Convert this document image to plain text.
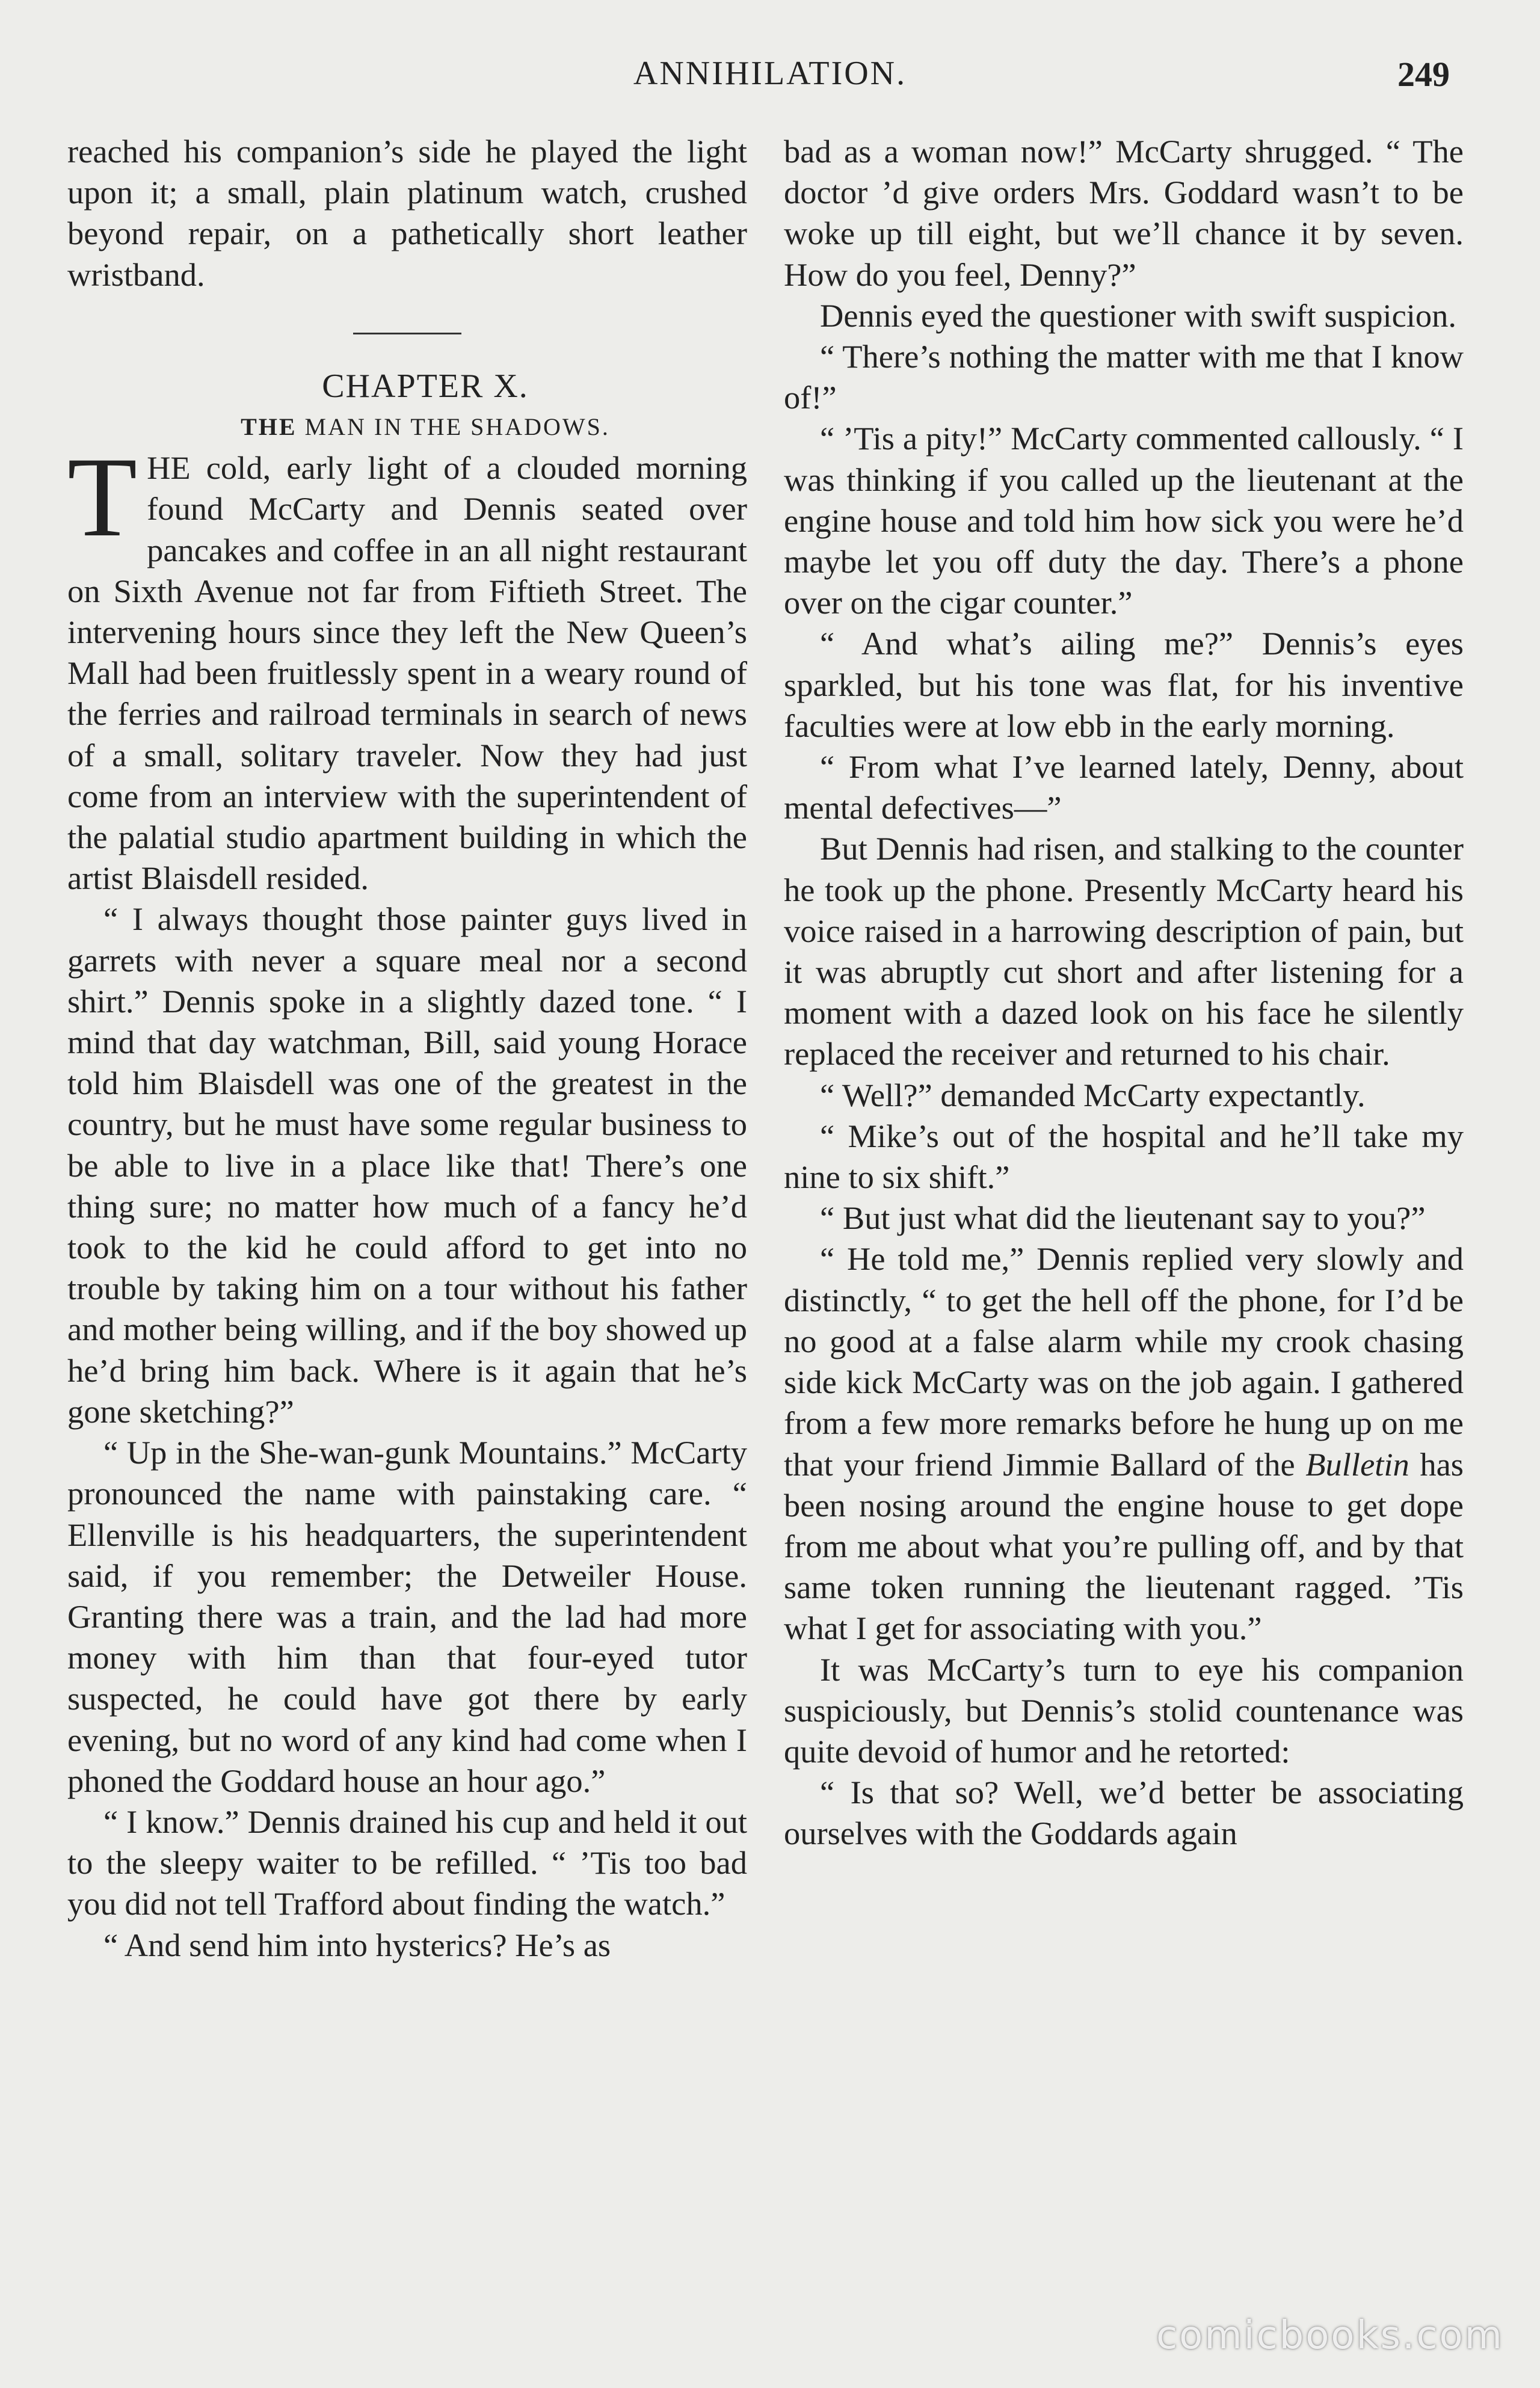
ANNIHILATION.	249

reached his companion’s side he played the light upon it; a small, plain platinum watch, crushed beyond repair, on a pathetically short leather wristband.

CHAPTER X.

THE MAN IN THE SHADOWS.

THE cold, early light of a clouded morning found McCarty and Dennis seated over pancakes and coffee in an all night restaurant on Sixth Avenue not far from Fiftieth Street. The intervening hours since they left the New Queen’s Mall had been fruitlessly spent in a weary round of the ferries and railroad terminals in search of news of a small, solitary traveler. Now they had just come from an interview with the superintendent of the palatial studio apartment building in which the artist Blaisdell resided.

“ I always thought those painter guys lived in garrets with never a square meal nor a second shirt.” Dennis spoke in a slightly dazed tone. “ I mind that day watchman, Bill, said young Horace told him Blaisdell was one of the greatest in the country, but he must have some regular business to be able to live in a place like that! There’s one thing sure; no matter how much of a fancy he’d took to the kid he could afford to get into no trouble by taking him on a tour without his father and mother being willing, and if the boy showed up he’d bring him back. Where is it again that he’s gone sketching?”

“ Up in the She-wan-gunk Mountains.” McCarty pronounced the name with painstaking care. “ Ellenville is his headquarters, the superintendent said, if you remember; the Detweiler House. Granting there was a train, and the lad had more money with him than that four-eyed tutor suspected, he could have got there by early evening, but no word of any kind had come when I phoned the Goddard house an hour ago.”

“ I know.” Dennis drained his cup and held it out to the sleepy waiter to be refilled. “ ’Tis too bad you did not tell Trafford about finding the watch.”

“ And send him into hysterics? He’s as

bad as a woman now!” McCarty shrugged. “ The doctor ’d give orders Mrs. Goddard wasn’t to be woke up till eight, but we’ll chance it by seven. How do you feel, Denny?”

Dennis eyed the questioner with swift suspicion.

“ There’s nothing the matter with me that I know of!”

“ ’Tis a pity!” McCarty commented callously. “ I was thinking if you called up the lieutenant at the engine house and told him how sick you were he’d maybe let you off duty the day. There’s a phone over on the cigar counter.”

“ And what’s ailing me?” Dennis’s eyes sparkled, but his tone was flat, for his inventive faculties were at low ebb in the early morning.

“ From what I’ve learned lately, Denny, about mental defectives—”

But Dennis had risen, and stalking to the counter he took up the phone. Presently McCarty heard his voice raised in a harrowing description of pain, but it was abruptly cut short and after listening for a moment with a dazed look on his face he silently replaced the receiver and returned to his chair.

“ Well?” demanded McCarty expectantly.

“ Mike’s out of the hospital and he’ll take my nine to six shift.”

“ But just what did the lieutenant say to you?”

“ He told me,” Dennis replied very slowly and distinctly, “ to get the hell off the phone, for I’d be no good at a false alarm while my crook chasing side kick McCarty was on the job again. I gathered from a few more remarks before he hung up on me that your friend Jimmie Ballard of the Bulletin has been nosing around the engine house to get dope from me about what you’re pulling off, and by that same token running the lieutenant ragged. ’Tis what I get for associating with you.”

It was McCarty’s turn to eye his companion suspiciously, but Dennis’s stolid countenance was quite devoid of humor and he retorted:

“ Is that so? Well, we’d better be associating ourselves with the Goddards again

comicbooks.com
